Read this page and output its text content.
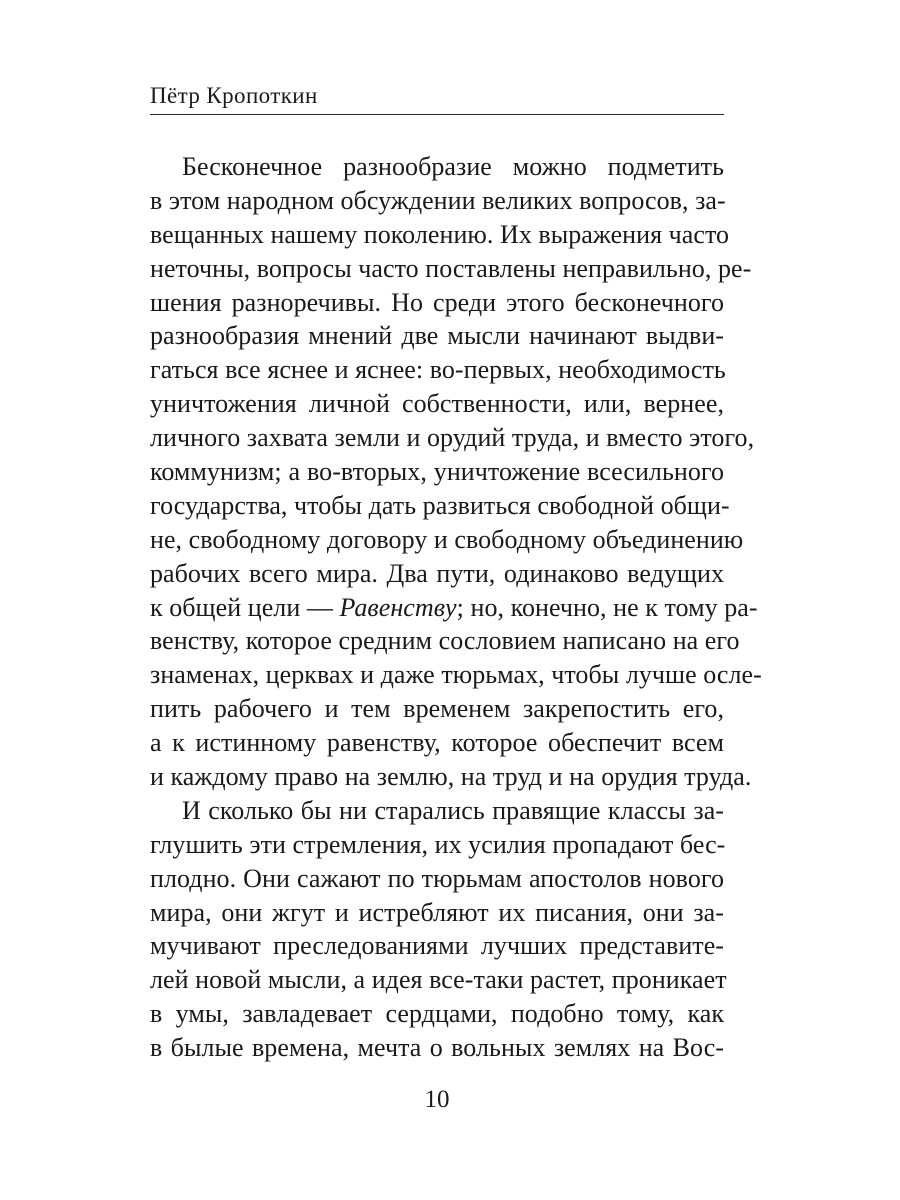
Пётр Кропоткин
Бесконечное разнообразие можно подметить
в этом народном обсуждении великих вопросов, за-
вещанных нашему поколению. Их выражения часто
неточны, вопросы часто поставлены неправильно, ре-
шения разноречивы. Но среди этого бесконечного
разнообразия мнений две мысли начинают выдви-
гаться все яснее и яснее: во-первых, необходимость
уничтожения личной собственности, или, вернее,
личного захвата земли и орудий труда, и вместо этого,
коммунизм; а во-вторых, уничтожение всесильного
государства, чтобы дать развиться свободной общи-
не, свободному договору и свободному объединению
рабочих всего мира. Два пути, одинаково ведущих
к общей цели — Равенству; но, конечно, не к тому ра-
венству, которое средним сословием написано на его
знаменах, церквах и даже тюрьмах, чтобы лучше осле-
пить рабочего и тем временем закрепостить его,
а к истинному равенству, которое обеспечит всем
и каждому право на землю, на труд и на орудия труда.
И сколько бы ни старались правящие классы за-
глушить эти стремления, их усилия пропадают бес-
плодно. Они сажают по тюрьмам апостолов нового
мира, они жгут и истребляют их писания, они за-
мучивают преследованиями лучших представите-
лей новой мысли, а идея все-таки растет, проникает
в умы, завладевает сердцами, подобно тому, как
в былые времена, мечта о вольных землях на Вос-
10
